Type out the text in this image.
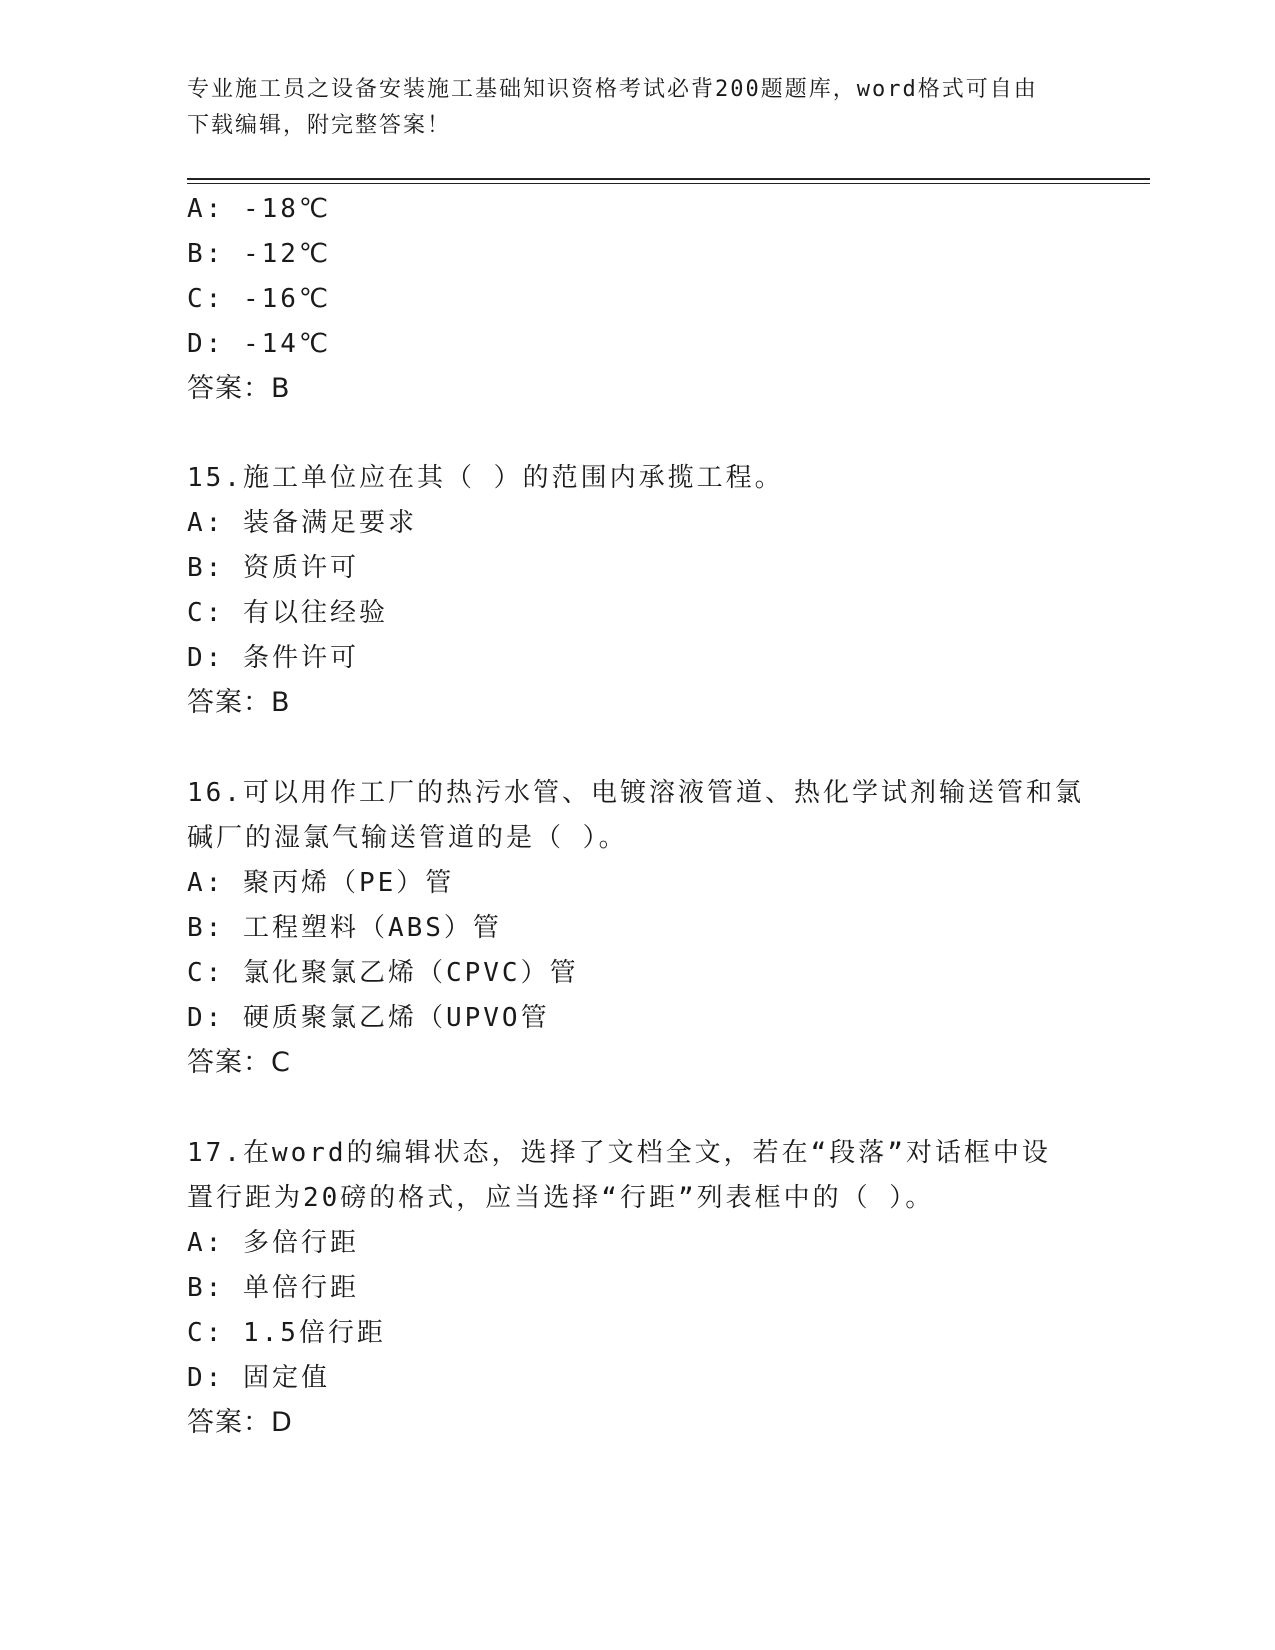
专业施工员之设备安装施工基础知识资格考试必背200题题库，word格式可自由
下载编辑，附完整答案！
A: -18℃
B: -12℃
C: -16℃
D: -14℃
答案：B
15.施工单位应在其（ ）的范围内承揽工程。
A: 装备满足要求
B: 资质许可
C: 有以往经验
D: 条件许可
答案：B
16.可以用作工厂的热污水管、电镀溶液管道、热化学试剂输送管和氯
碱厂的湿氯气输送管道的是（ ）。
A: 聚丙烯（PE）管
B: 工程塑料（ABS）管
C: 氯化聚氯乙烯（CPVC）管
D: 硬质聚氯乙烯（UPVO管
答案：C
17.在word的编辑状态，选择了文档全文，若在“段落”对话框中设
置行距为20磅的格式，应当选择“行距”列表框中的（ ）。
A: 多倍行距
B: 单倍行距
C: 1.5倍行距
D: 固定值
答案：D
